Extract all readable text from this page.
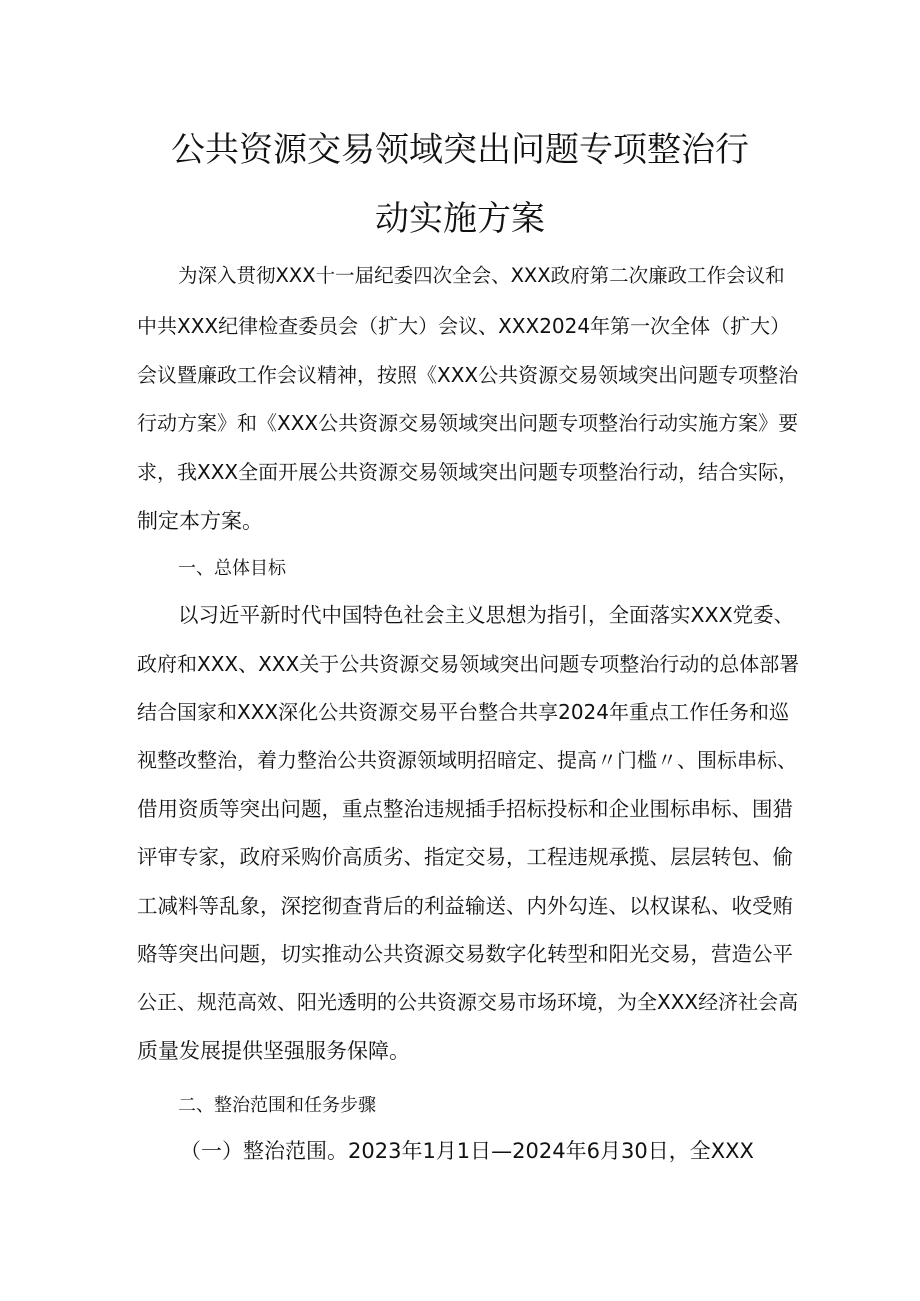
公共资源交易领域突出问题专项整治行
动实施方案

为深入贯彻XXX十一届纪委四次全会、XXX政府第二次廉政工作会议和

中共XXX纪律检查委员会（扩大）会议、XXX2024年第一次全体（扩大）

会议暨廉政工作会议精神，按照《XXX公共资源交易领域突出问题专项整治

行动方案》和《XXX公共资源交易领域突出问题专项整治行动实施方案》要

求，我XXX全面开展公共资源交易领域突出问题专项整治行动，结合实际，

制定本方案。

一、总体目标

以习近平新时代中国特色社会主义思想为指引，全面落实XXX党委、

政府和XXX、XXX关于公共资源交易领域突出问题专项整治行动的总体部署

结合国家和XXX深化公共资源交易平台整合共享2024年重点工作任务和巡

视整改整治，着力整治公共资源领域明招暗定、提高〃门槛〃、围标串标、

借用资质等突出问题，重点整治违规插手招标投标和企业围标串标、围猎

评审专家，政府采购价高质劣、指定交易，工程违规承揽、层层转包、偷

工减料等乱象，深挖彻查背后的利益输送、内外勾连、以权谋私、收受贿

赂等突出问题，切实推动公共资源交易数字化转型和阳光交易，营造公平

公正、规范高效、阳光透明的公共资源交易市场环境，为全XXX经济社会高

质量发展提供坚强服务保障。

二、整治范围和任务步骤

（一）整治范围。2023年1月1日—2024年6月30日，全XXX
